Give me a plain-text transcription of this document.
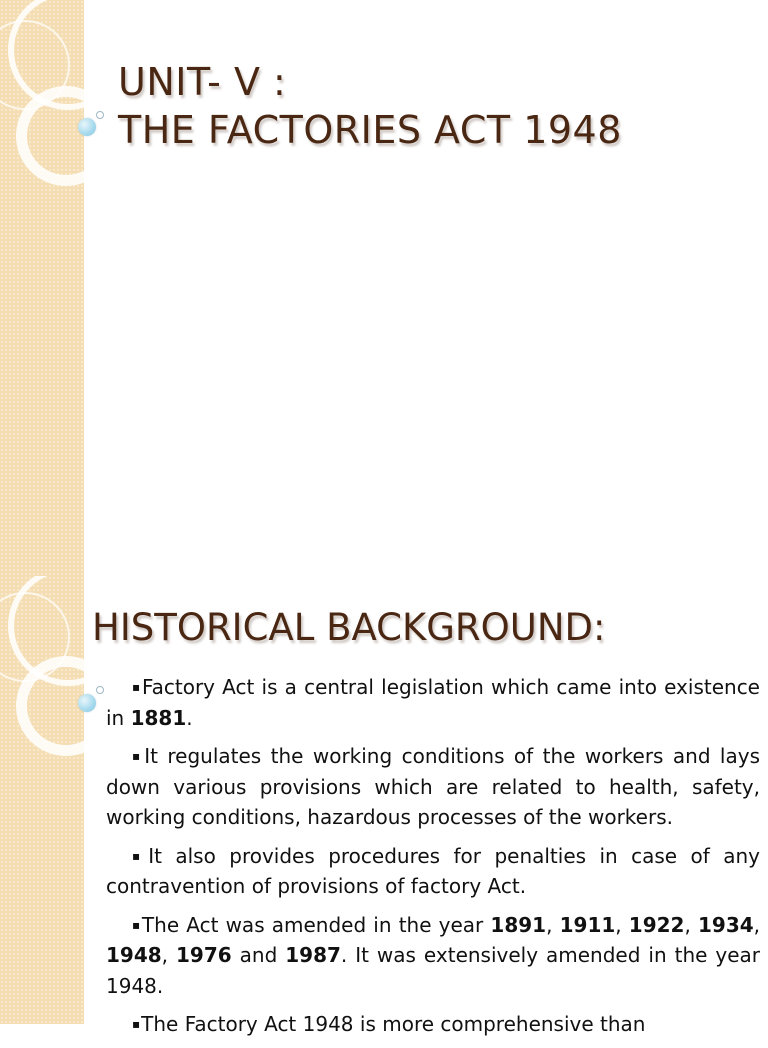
UNIT- V :
THE FACTORIES ACT 1948
HISTORICAL BACKGROUND:

▪Factory Act is a central legislation which came into existence in 1881.

▪It regulates the working conditions of the workers and lays down various provisions which are related to health, safety, working conditions, hazardous processes of the workers.

▪It also provides procedures for penalties in case of any contravention of provisions of factory Act.

▪The Act was amended in the year 1891, 1911, 1922, 1934, 1948, 1976 and 1987. It was extensively amended in the year 1948.

▪The Factory Act 1948 is more comprehensive than
